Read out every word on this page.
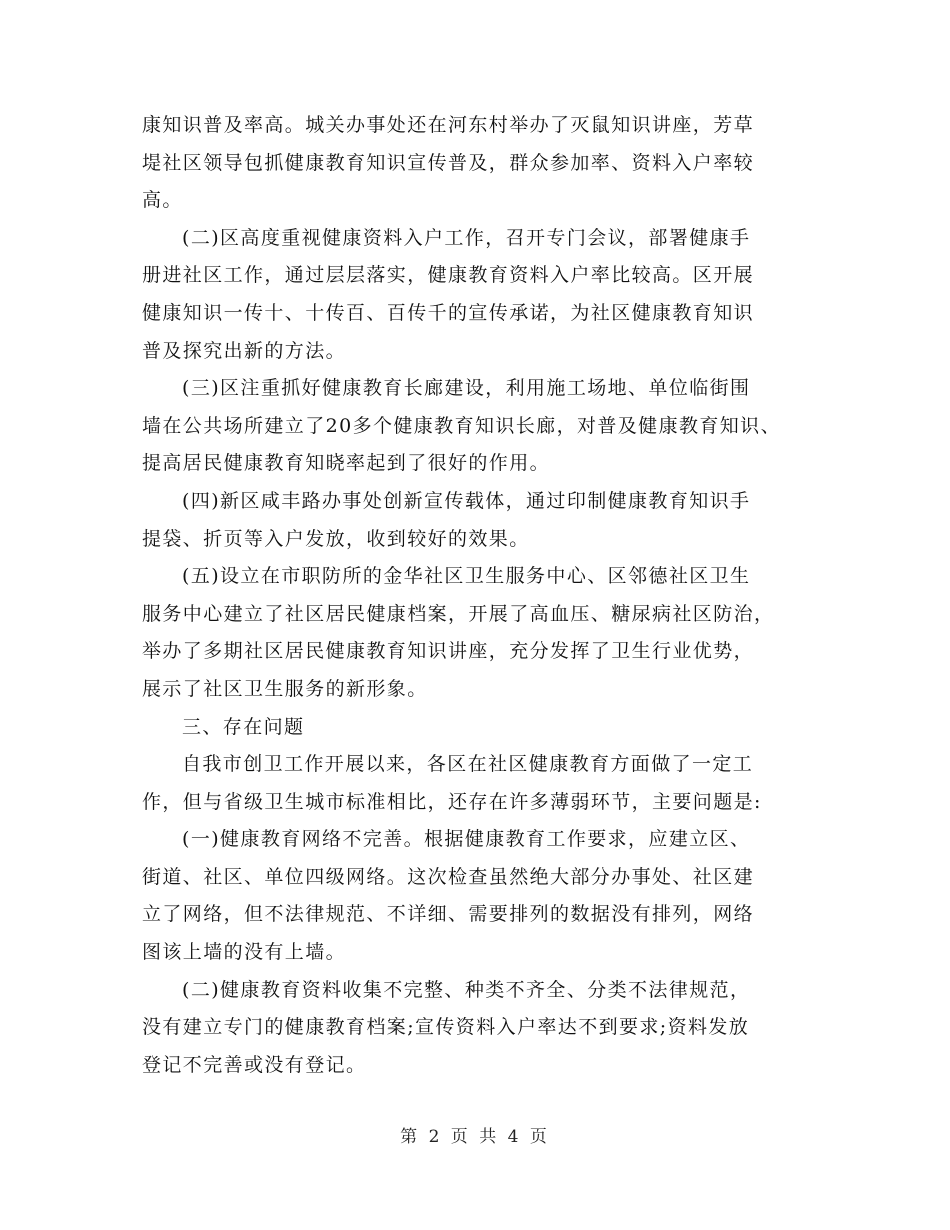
康知识普及率高。城关办事处还在河东村举办了灭鼠知识讲座，芳草
堤社区领导包抓健康教育知识宣传普及，群众参加率、资料入户率较
高。

(二)区高度重视健康资料入户工作，召开专门会议，部署健康手
册进社区工作，通过层层落实，健康教育资料入户率比较高。区开展
健康知识一传十、十传百、百传千的宣传承诺，为社区健康教育知识
普及探究出新的方法。

(三)区注重抓好健康教育长廊建设，利用施工场地、单位临街围
墙在公共场所建立了20多个健康教育知识长廊，对普及健康教育知识、
提高居民健康教育知晓率起到了很好的作用。

(四)新区咸丰路办事处创新宣传载体，通过印制健康教育知识手
提袋、折页等入户发放，收到较好的效果。

(五)设立在市职防所的金华社区卫生服务中心、区邻德社区卫生
服务中心建立了社区居民健康档案，开展了高血压、糖尿病社区防治，
举办了多期社区居民健康教育知识讲座，充分发挥了卫生行业优势，
展示了社区卫生服务的新形象。

三、存在问题

自我市创卫工作开展以来，各区在社区健康教育方面做了一定工
作，但与省级卫生城市标准相比，还存在许多薄弱环节，主要问题是:

(一)健康教育网络不完善。根据健康教育工作要求，应建立区、
街道、社区、单位四级网络。这次检查虽然绝大部分办事处、社区建
立了网络，但不法律规范、不详细、需要排列的数据没有排列，网络
图该上墙的没有上墙。

(二)健康教育资料收集不完整、种类不齐全、分类不法律规范，
没有建立专门的健康教育档案;宣传资料入户率达不到要求;资料发放
登记不完善或没有登记。

第 2 页 共 4 页
